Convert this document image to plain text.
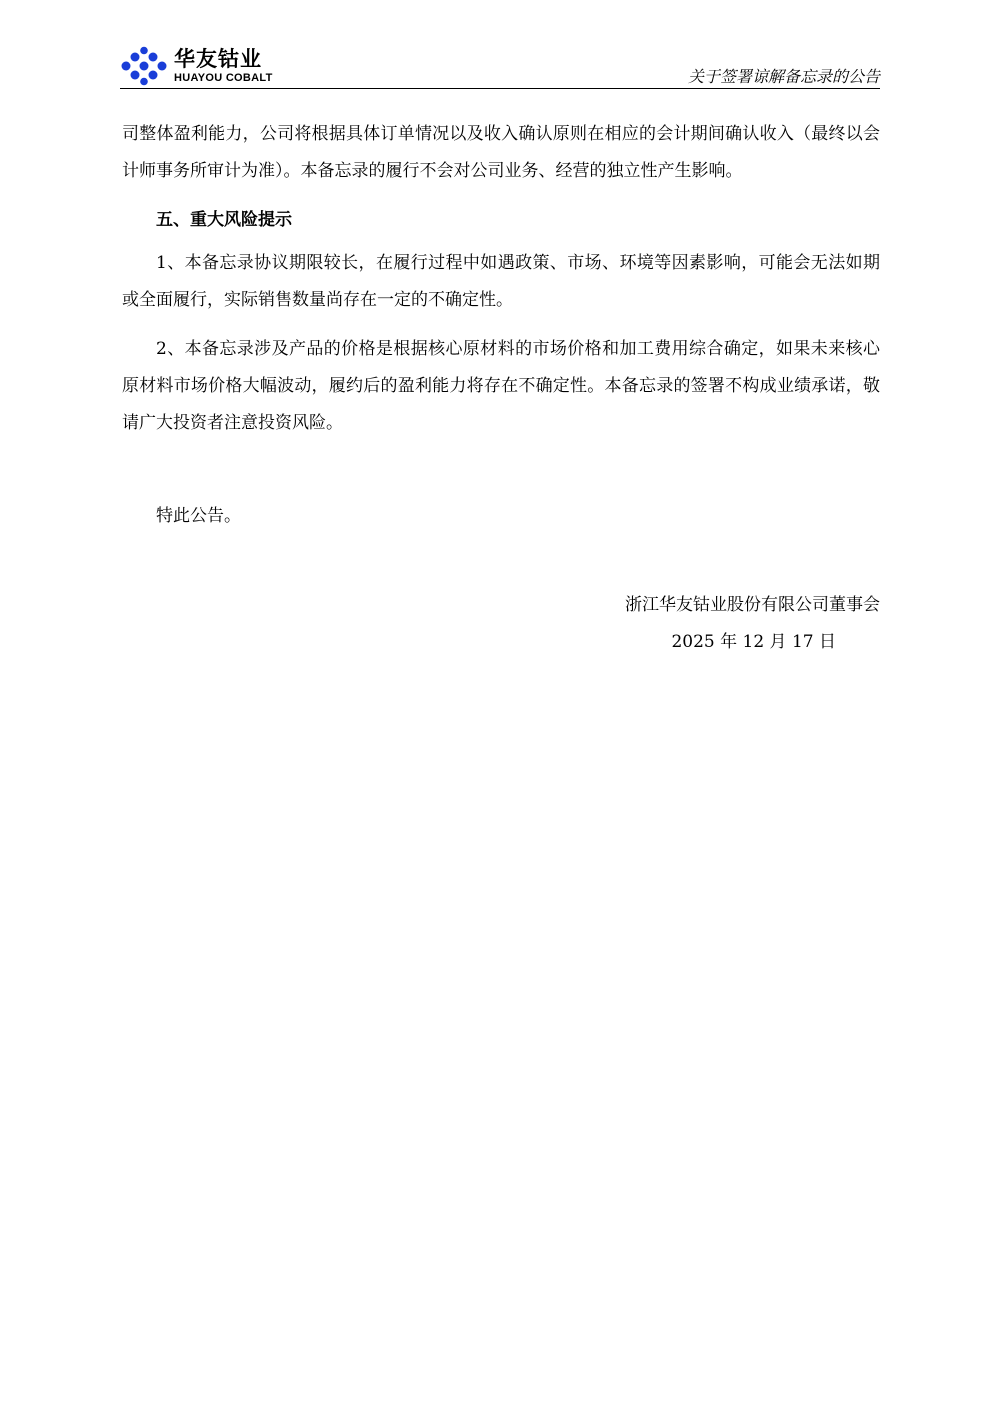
华友钴业
HUAYOU COBALT	关于签署谅解备忘录的公告

司整体盈利能力，公司将根据具体订单情况以及收入确认原则在相应的会计期间确认收入（最终以会计师事务所审计为准）。本备忘录的履行不会对公司业务、经营的独立性产生影响。

五、重大风险提示

1、本备忘录协议期限较长，在履行过程中如遇政策、市场、环境等因素影响，可能会无法如期或全面履行，实际销售数量尚存在一定的不确定性。

2、本备忘录涉及产品的价格是根据核心原材料的市场价格和加工费用综合确定，如果未来核心原材料市场价格大幅波动，履约后的盈利能力将存在不确定性。本备忘录的签署不构成业绩承诺，敬请广大投资者注意投资风险。

特此公告。

浙江华友钴业股份有限公司董事会

2025 年 12 月 17 日
